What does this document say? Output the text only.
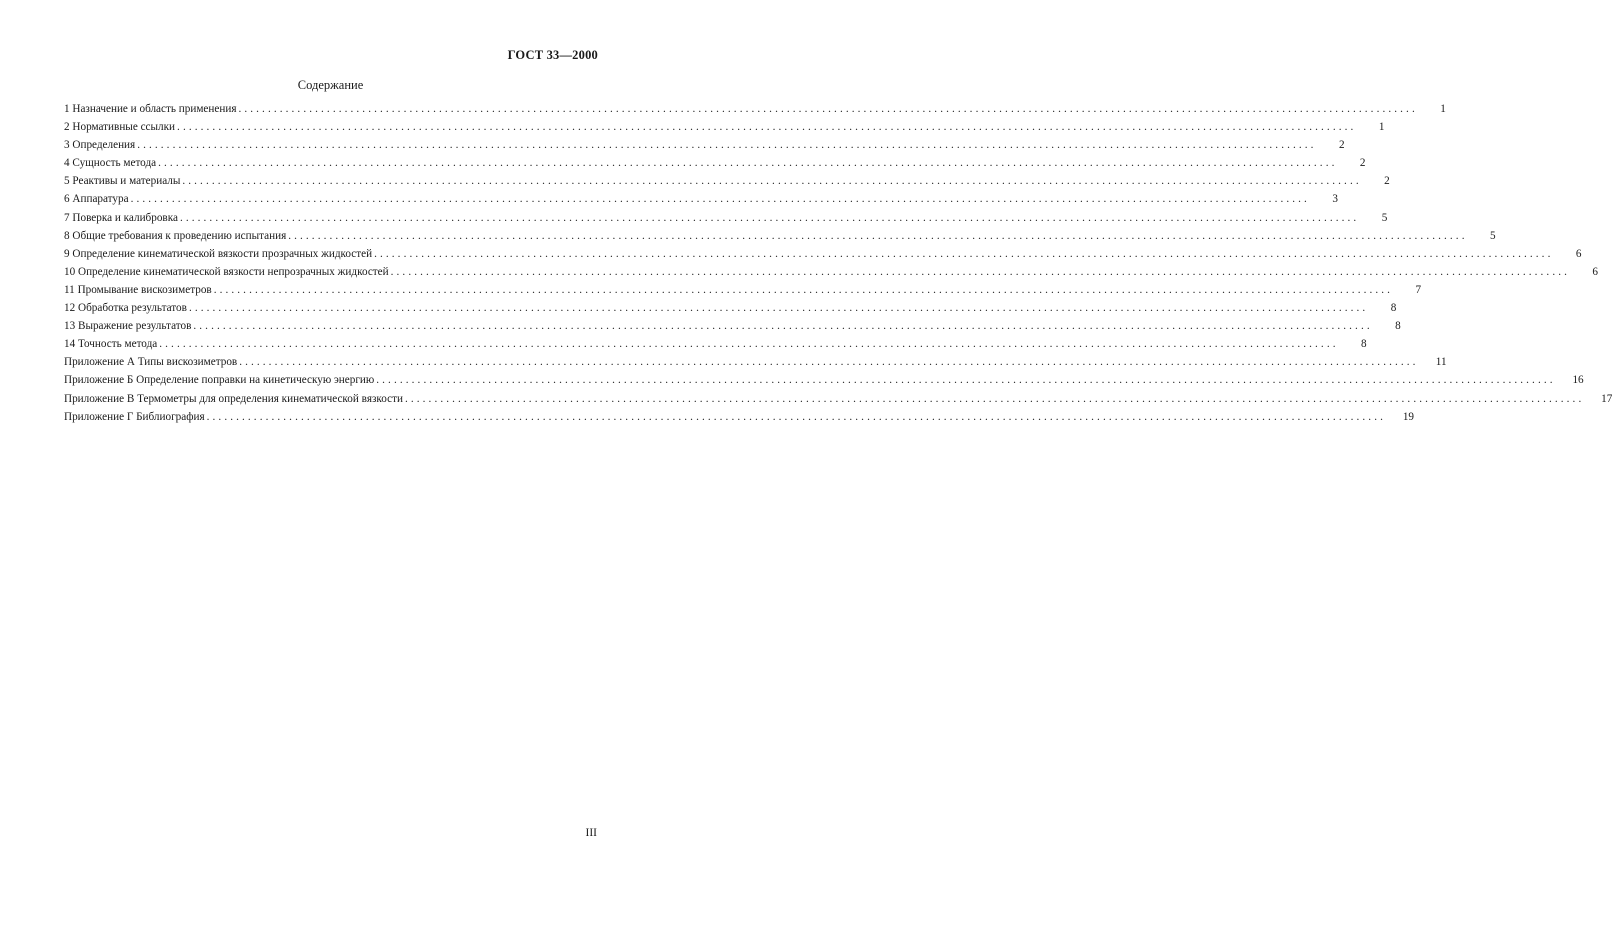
ГОСТ 33—2000
Содержание
1 Назначение и область применения ........................................................................................................................................................................................................	1
2 Нормативные ссылки ........................................................................................................................................................................................................	1
3 Определения ........................................................................................................................................................................................................	2
4 Сущность метода ........................................................................................................................................................................................................	2
5 Реактивы и материалы ........................................................................................................................................................................................................	2
6 Аппаратура ........................................................................................................................................................................................................	3
7 Поверка и калибровка ........................................................................................................................................................................................................	5
8 Общие требования к проведению испытания ........................................................................................................................................................................................................	5
9 Определение кинематической вязкости прозрачных жидкостей ........................................................................................................................................................................................................	6
10 Определение кинематической вязкости непрозрачных жидкостей ........................................................................................................................................................................................................	6
11 Промывание вискозиметров ........................................................................................................................................................................................................	7
12 Обработка результатов ........................................................................................................................................................................................................	8
13 Выражение результатов ........................................................................................................................................................................................................	8
14 Точность метода ........................................................................................................................................................................................................	8
Приложение А Типы вискозиметров ........................................................................................................................................................................................................	11
Приложение Б Определение поправки на кинетическую энергию ........................................................................................................................................................................................................	16
Приложение В Термометры для определения кинематической вязкости ........................................................................................................................................................................................................	17
Приложение Г Библиография ........................................................................................................................................................................................................	19
III
